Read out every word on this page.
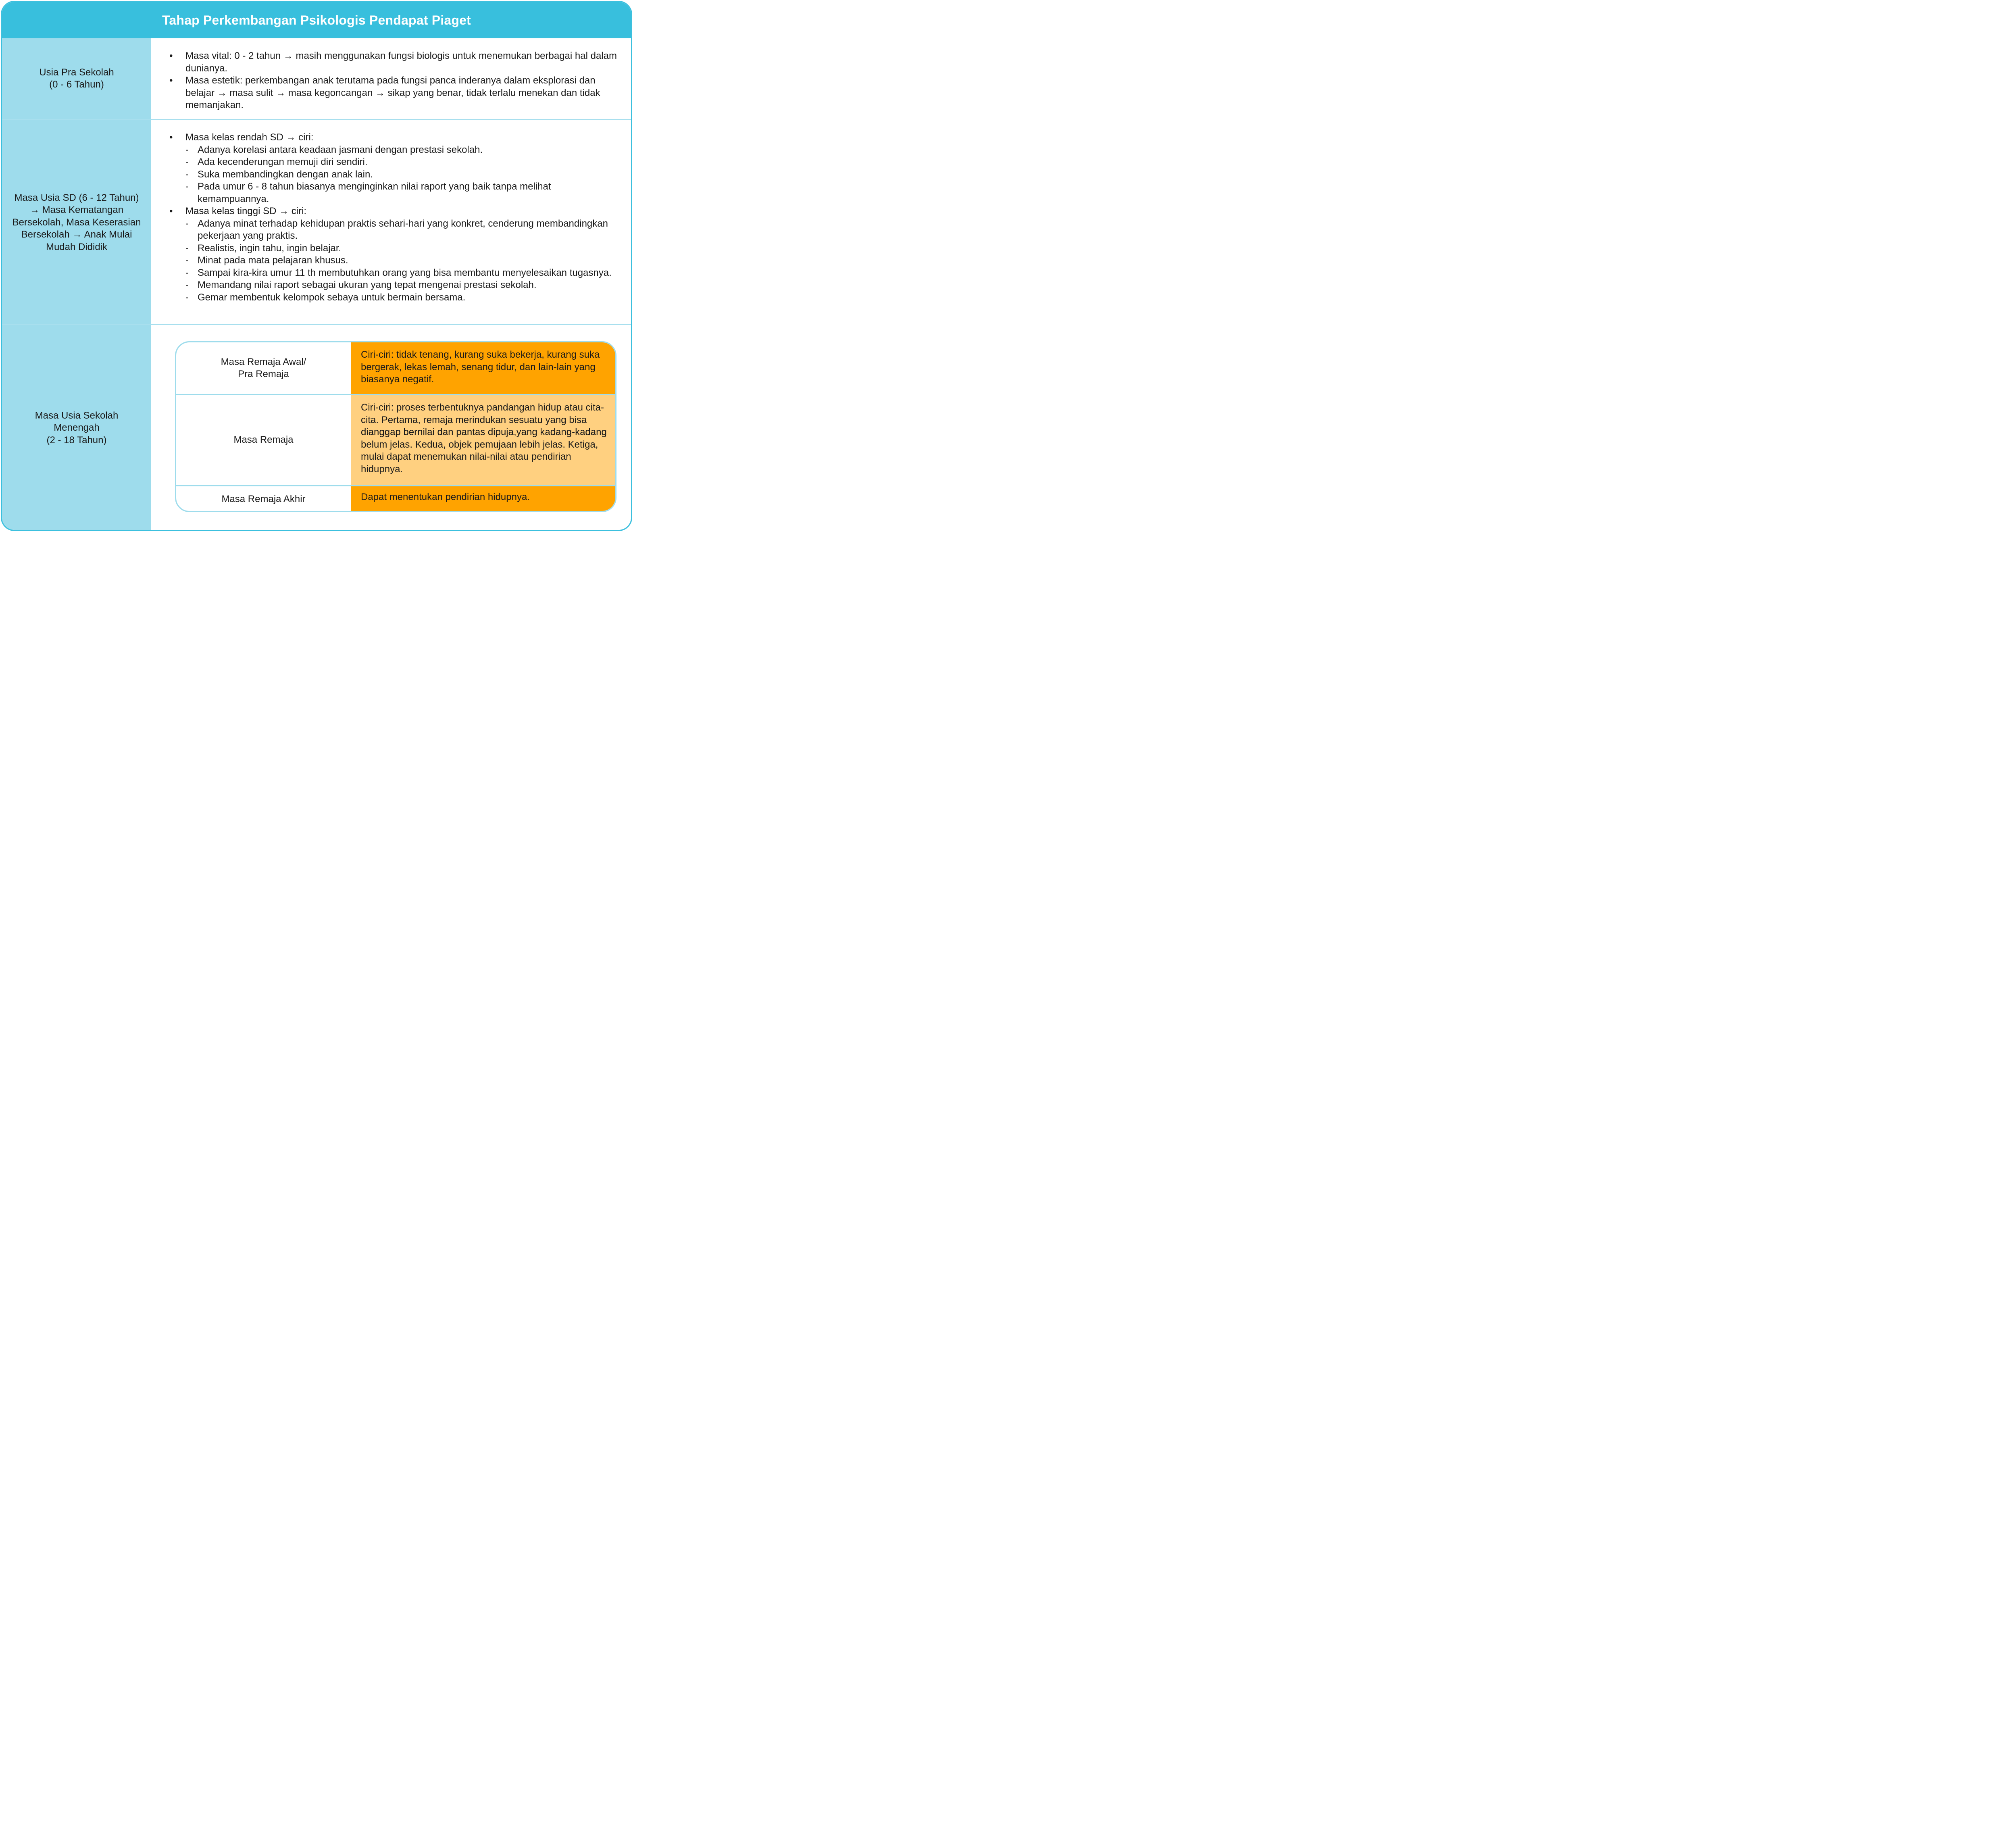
Tahap Perkembangan Psikologis Pendapat Piaget
Usia Pra Sekolah
(0 - 6 Tahun)
• Masa vital: 0 - 2 tahun → masih menggunakan fungsi biologis untuk menemukan berbagai hal dalam dunianya.
• Masa estetik: perkembangan anak terutama pada fungsi panca inderanya dalam eksplorasi dan belajar → masa sulit → masa kegoncangan → sikap yang benar, tidak terlalu menekan dan tidak memanjakan.
Masa Usia SD (6 - 12 Tahun)
→ Masa Kematangan
Bersekolah, Masa Keserasian
Bersekolah → Anak Mulai
Mudah Dididik
• Masa kelas rendah SD → ciri:
- Adanya korelasi antara keadaan jasmani dengan prestasi sekolah.
- Ada kecenderungan memuji diri sendiri.
- Suka membandingkan dengan anak lain.
- Pada umur 6 - 8 tahun biasanya menginginkan nilai raport yang baik tanpa melihat kemampuannya.
• Masa kelas tinggi SD → ciri:
- Adanya minat terhadap kehidupan praktis sehari-hari yang konkret, cenderung membandingkan pekerjaan yang praktis.
- Realistis, ingin tahu, ingin belajar.
- Minat pada mata pelajaran khusus.
- Sampai kira-kira umur 11 th membutuhkan orang yang bisa membantu menyelesaikan tugasnya.
- Memandang nilai raport sebagai ukuran yang tepat mengenai prestasi sekolah.
- Gemar membentuk kelompok sebaya untuk bermain bersama.
Masa Usia Sekolah
Menengah
(2 - 18 Tahun)
Masa Remaja Awal/
Pra Remaja
Ciri-ciri: tidak tenang, kurang suka bekerja, kurang suka bergerak, lekas lemah, senang tidur, dan lain-lain yang biasanya negatif.
Masa Remaja
Ciri-ciri: proses terbentuknya pandangan hidup atau cita-cita. Pertama, remaja merindukan sesuatu yang bisa dianggap bernilai dan pantas dipuja,yang kadang-kadang belum jelas. Kedua, objek pemujaan lebih jelas. Ketiga, mulai dapat menemukan nilai-nilai atau pendirian hidupnya.
Masa Remaja Akhir	Dapat menentukan pendirian hidupnya.
